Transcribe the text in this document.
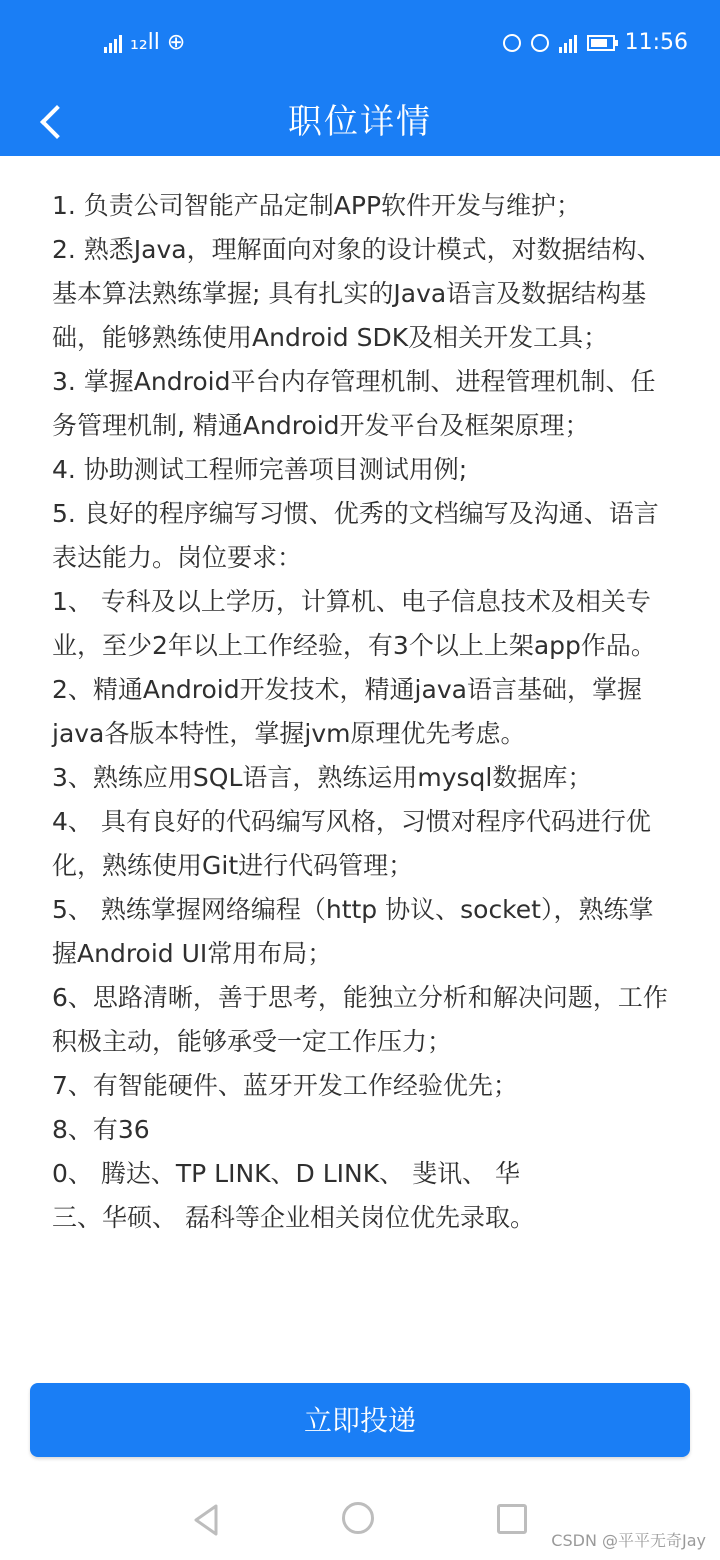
₁₂ll ⊕	11:56
职位详情

1. 负责公司智能产品定制APP软件开发与维护；

2. 熟悉Java，理解面向对象的设计模式，对数据结构、基本算法熟练掌握; 具有扎实的Java语言及数据结构基础，能够熟练使用Android SDK及相关开发工具；

3. 掌握Android平台内存管理机制、进程管理机制、任务管理机制, 精通Android开发平台及框架原理；

4. 协助测试工程师完善项目测试用例;

5. 良好的程序编写习惯、优秀的文档编写及沟通、语言表达能力。岗位要求：

1、 专科及以上学历，计算机、电子信息技术及相关专业，至少2年以上工作经验，有3个以上上架app作品。

2、精通Android开发技术，精通java语言基础，掌握java各版本特性，掌握jvm原理优先考虑。

3、熟练应用SQL语言，熟练运用mysql数据库；

4、 具有良好的代码编写风格，习惯对程序代码进行优化，熟练使用Git进行代码管理；

5、 熟练掌握网络编程（http 协议、socket），熟练掌握Android UI常用布局；

6、思路清晰，善于思考，能独立分析和解决问题，工作积极主动，能够承受一定工作压力；

7、有智能硬件、蓝牙开发工作经验优先；

8、有36

0、 腾达、TP LINK、D LINK、 斐讯、 华

三、华硕、 磊科等企业相关岗位优先录取。

立即投递
CSDN @平平无奇Jay
